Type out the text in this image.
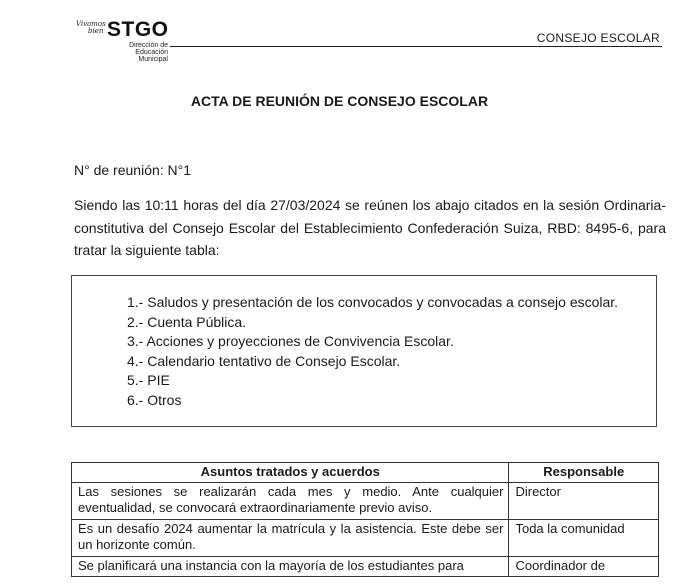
Vivamos
bien STGO
Dirección de
Educación
Municipal
CONSEJO ESCOLAR
ACTA DE REUNIÓN DE CONSEJO ESCOLAR
N° de reunión: N°1
Siendo las 10:11 horas del día 27/03/2024 se reúnen los abajo citados en la sesión Ordinaria-constitutiva del Consejo Escolar del Establecimiento Confederación Suiza, RBD: 8495-6, para tratar la siguiente tabla:
1.- Saludos y presentación de los convocados y convocadas a consejo escolar.
2.- Cuenta Pública.
3.- Acciones y proyecciones de Convivencia Escolar.
4.- Calendario tentativo de Consejo Escolar.
5.- PIE
6.- Otros
Asuntos tratados y acuerdos	Responsable
Las sesiones se realizarán cada mes y medio. Ante cualquier eventualidad, se convocará extraordinariamente previo aviso.	Director
Es un desafío 2024 aumentar la matrícula y la asistencia. Este debe ser un horizonte común.	Toda la comunidad
Se planificará una instancia con la mayoría de los estudiantes para	Coordinador de
